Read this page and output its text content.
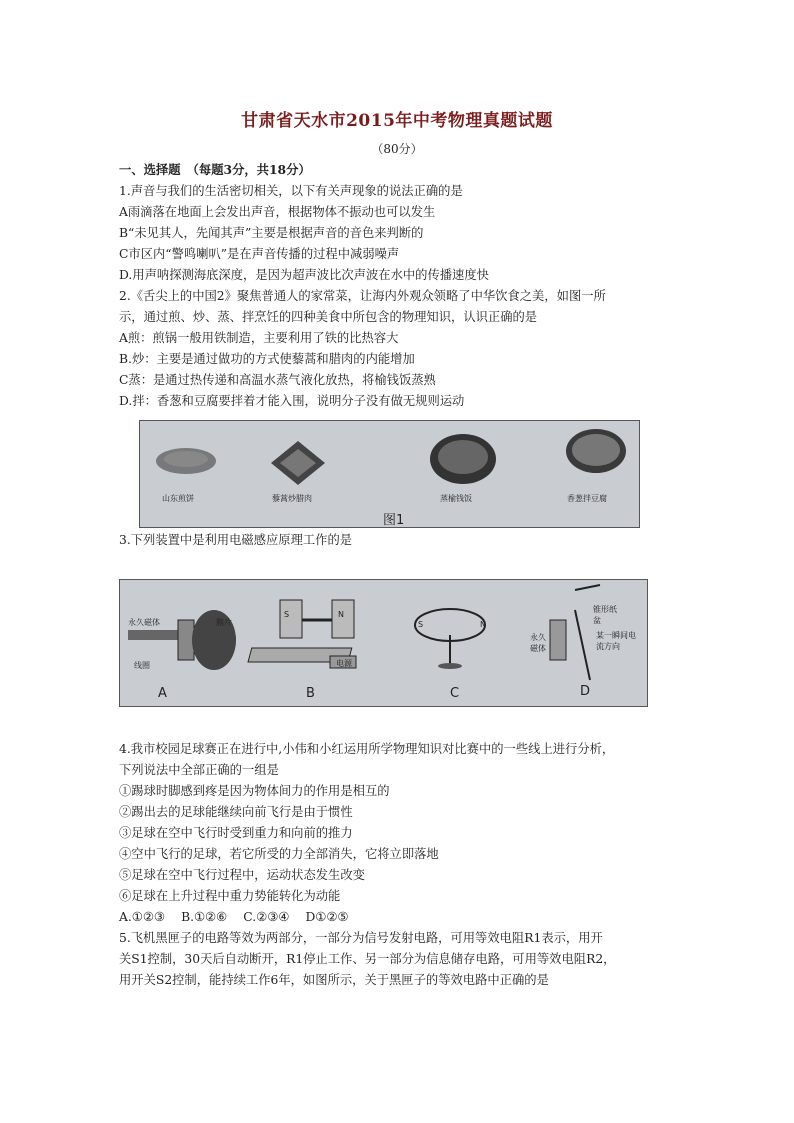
甘肃省天水市2015年中考物理真题试题
（80分）
一、选择题　（每题3分，共18分）
1.声音与我们的生活密切相关，以下有关声现象的说法正确的是
A雨滴落在地面上会发出声音，根据物体不振动也可以发生
B“未见其人，先闻其声”主要是根据声音的音色来判断的
C市区内“警鸣喇叭”是在声音传播的过程中减弱噪声
D.用声呐探测海底深度，是因为超声波比次声波在水中的传播速度快
2.《舌尖上的中国2》聚焦普通人的家常菜，让海内外观众领略了中华饮食之美，如图一所
示，通过煎、炒、蒸、拌烹饪的四种美食中所包含的物理知识，认识正确的是
A煎：煎锅一般用铁制造，主要利用了铁的比热容大
B.炒：主要是通过做功的方式使藜蒿和腊肉的内能增加
C蒸：是通过热传递和高温水蒸气液化放热，将榆钱饭蒸熟
D.拌：香葱和豆腐要拌着才能入围，说明分子没有做无规则运动
山东煎饼	藜蒿炒腊肉	蒸榆钱饭	香葱拌豆腐
图1
3.下列装置中是利用电磁感应原理工作的是
永久磁体	膜片
线圈
S	N
电源
S	N
锥形纸盆
永久磁体
某一瞬间电流方向
A	B	C	D
4.我市校园足球赛正在进行中,小伟和小红运用所学物理知识对比赛中的一些线上进行分析，
下列说法中全部正确的一组是
①踢球时脚感到疼是因为物体间力的作用是相互的
②踢出去的足球能继续向前飞行是由于惯性
③足球在空中飞行时受到重力和向前的推力
④空中飞行的足球，若它所受的力全部消失，它将立即落地
⑤足球在空中飞行过程中，运动状态发生改变
⑥足球在上升过程中重力势能转化为动能
A.①②③　 B.①②⑥　 C.②③④　 D①②⑤
5.飞机黑匣子的电路等效为两部分，一部分为信号发射电路，可用等效电阻R1表示，用开
关S1控制，30天后自动断开，R1停止工作、另一部分为信息储存电路，可用等效电阻R2，
用开关S2控制，能持续工作6年，如图所示，关于黑匣子的等效电路中正确的是
